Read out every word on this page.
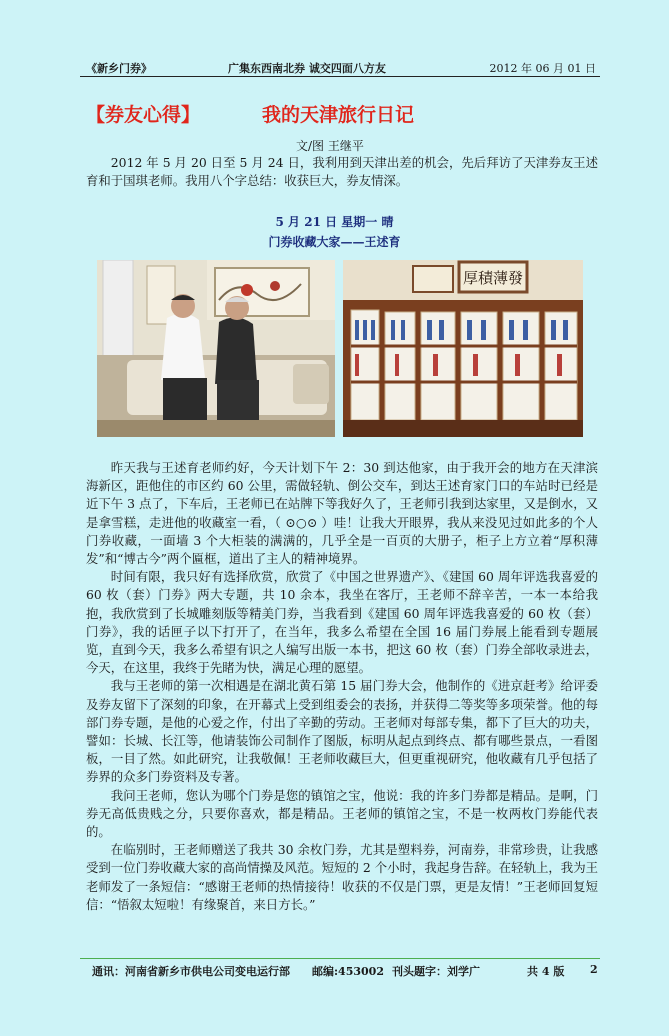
《新乡门券》	广集东西南北券 诚交四面八方友	2012 年 06 月 01 日
【券友心得】	我的天津旅行日记
文/图 王继平

2012 年 5 月 20 日至 5 月 24 日，我利用到天津出差的机会，先后拜访了天津券友王述育和于国琪老师。我用八个字总结：收获巨大，券友情深。

5 月 21 日 星期一 晴
门券收藏大家——王述育
厚積薄發

昨天我与王述育老师约好，今天计划下午 2：30 到达他家，由于我开会的地方在天津滨海新区，距他住的市区约 60 公里，需做轻轨、倒公交车，到达王述育家门口的车站时已经是近下午 3 点了，下车后，王老师已在站牌下等我好久了，王老师引我到达家里，又是倒水，又是拿雪糕，走进他的收藏室一看，（ ⊙○⊙ ）哇！让我大开眼界，我从来没见过如此多的个人门券收藏，一面墙 3 个大柜装的满满的，几乎全是一百页的大册子，柜子上方立着“厚积薄发”和“博古今”两个匾框，道出了主人的精神境界。

时间有限，我只好有选择欣赏，欣赏了《中国之世界遗产》、《建国 60 周年评选我喜爱的 60 枚（套）门券》两大专题，共 10 余本，我坐在客厅，王老师不辞辛苦，一本一本给我抱，我欣赏到了长城雕刻版等精美门券，当我看到《建国 60 周年评选我喜爱的 60 枚（套）门券》，我的话匣子以下打开了，在当年，我多么希望在全国 16 届门券展上能看到专题展览，直到今天，我多么希望有识之人编写出版一本书，把这 60 枚（套）门券全部收录进去，今天，在这里，我终于先睹为快，满足心理的愿望。

我与王老师的第一次相遇是在湖北黄石第 15 届门券大会，他制作的《进京赶考》给评委及券友留下了深刻的印象，在开幕式上受到组委会的表扬，并获得二等奖等多项荣誉。他的每部门券专题，是他的心爱之作，付出了辛勤的劳动。王老师对每部专集，都下了巨大的功夫，譬如：长城、长江等，他请装饰公司制作了图版，标明从起点到终点、都有哪些景点，一看图板，一目了然。如此研究，让我敬佩！王老师收藏巨大，但更重视研究，他收藏有几乎包括了券界的众多门券资料及专著。

我问王老师，您认为哪个门券是您的镇馆之宝，他说：我的许多门券都是精品。是啊，门券无高低贵贱之分，只要你喜欢，都是精品。王老师的镇馆之宝，不是一枚两枚门券能代表的。

在临别时，王老师赠送了我共 30 余枚门券，尤其是塑料券，河南券，非常珍贵，让我感受到一位门券收藏大家的高尚情操及风范。短短的 2 个小时，我起身告辞。在轻轨上，我为王老师发了一条短信：“感谢王老师的热情接待！收获的不仅是门票，更是友情！”王老师回复短信：“悟叙太短啦！有缘聚首，来日方长。”

通讯：河南省新乡市供电公司变电运行部 邮编:453002 刊头题字：刘学广	共 4 版 2
